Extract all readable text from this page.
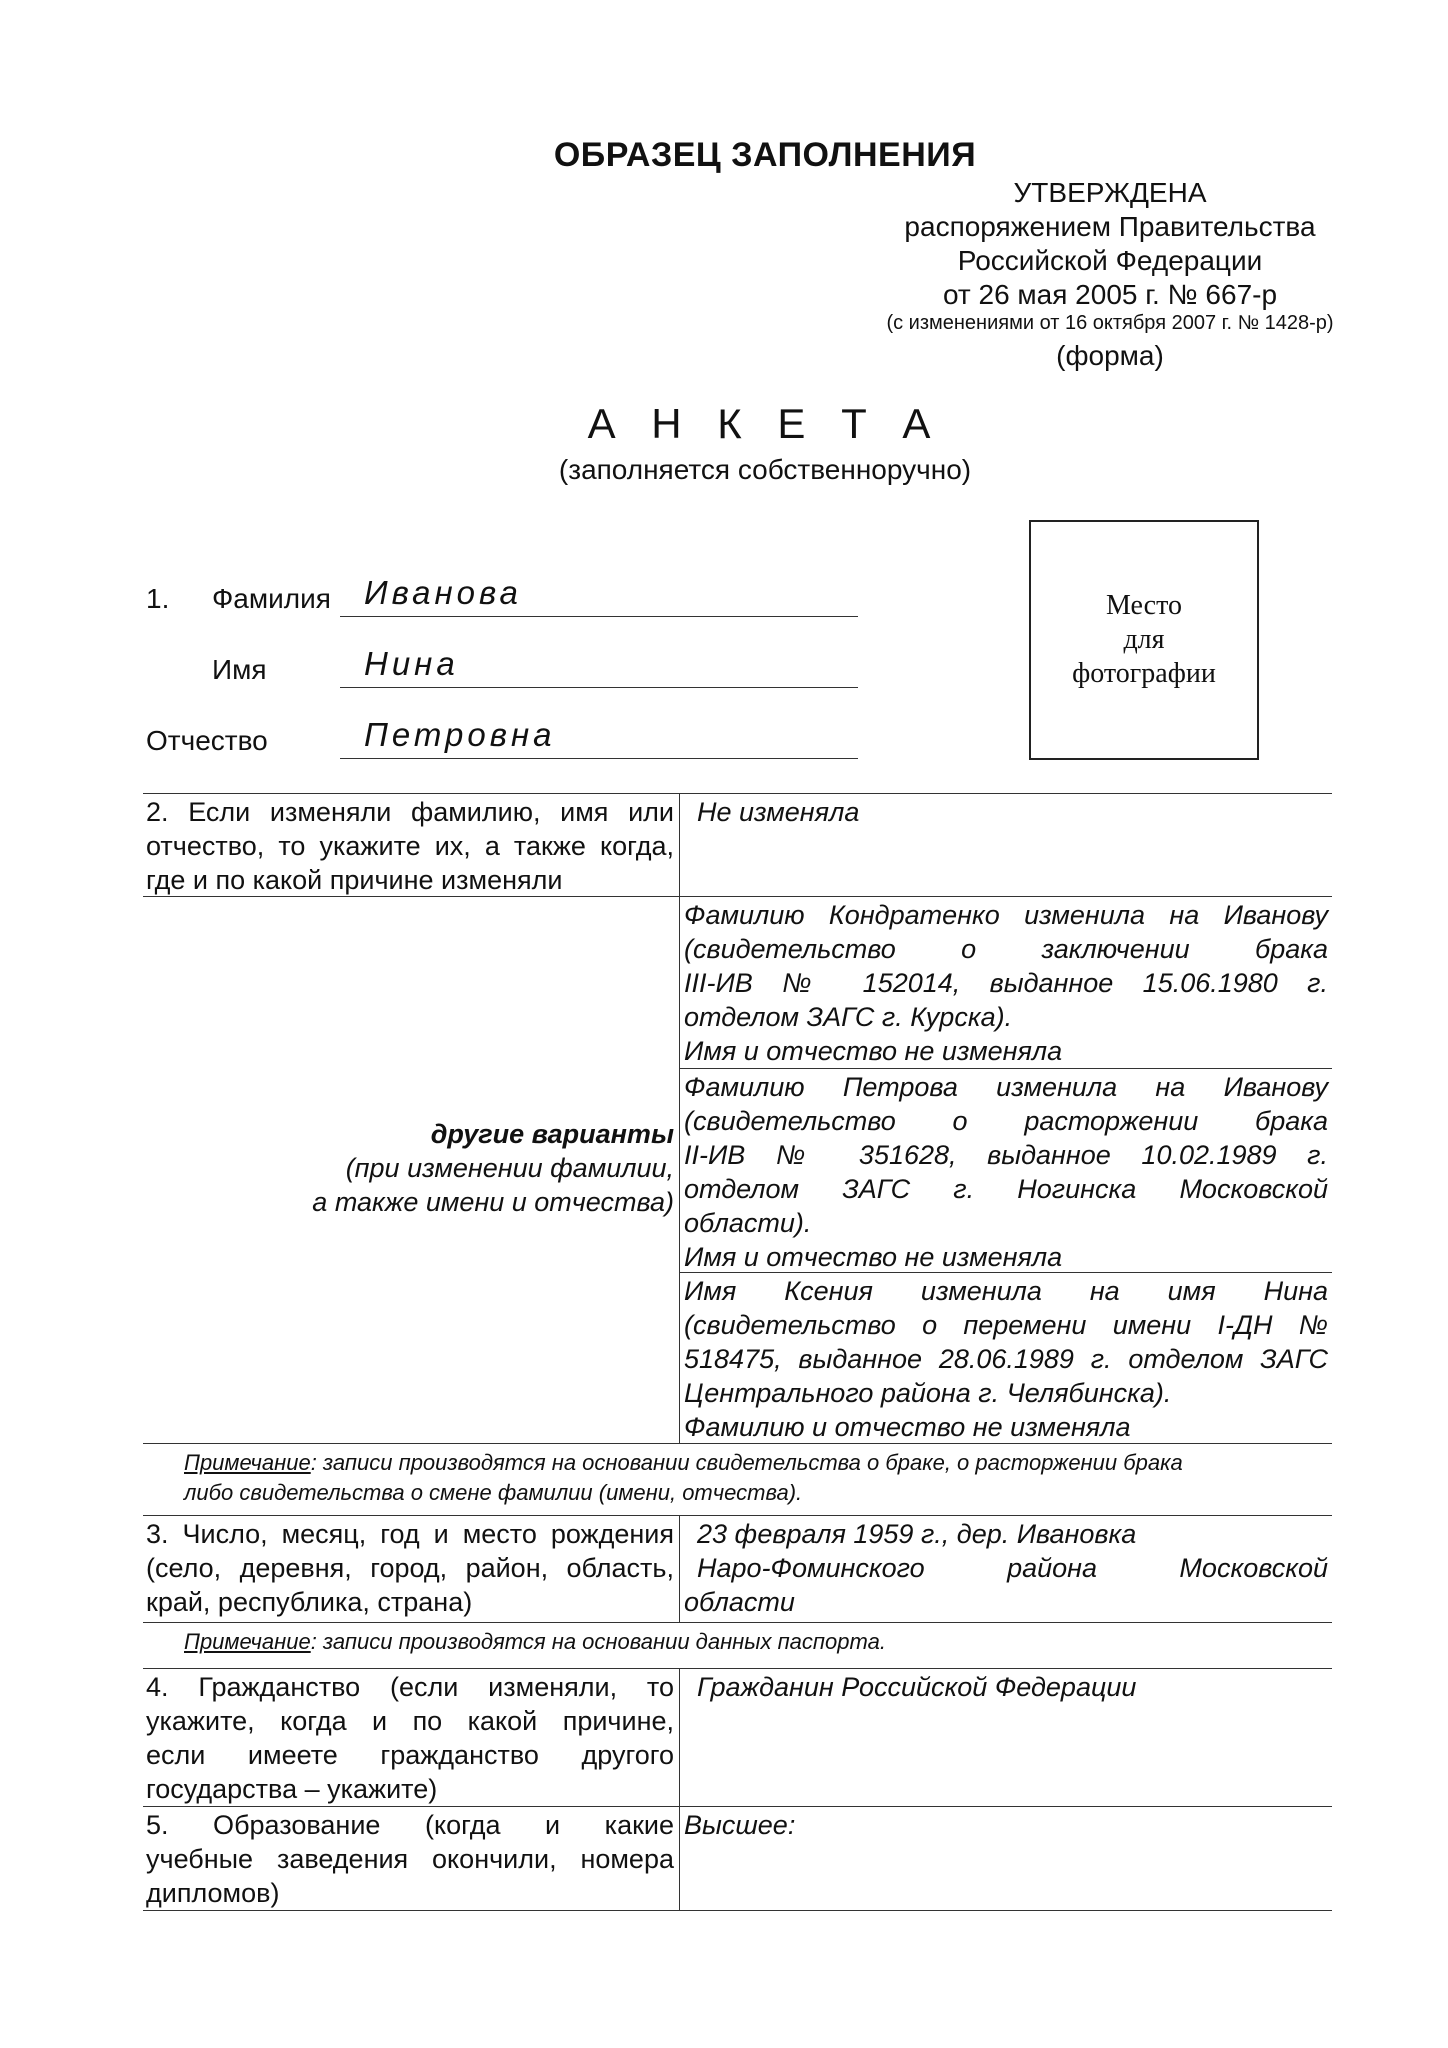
ОБРАЗЕЦ ЗАПОЛНЕНИЯ
УТВЕРЖДЕНА
распоряжением Правительства
Российской Федерации
от 26 мая 2005 г. № 667-р
(с изменениями от 16 октября 2007 г. № 1428-р)
(форма)
А Н К Е Т А
(заполняется собственноручно)
Место
для
фотографии
1. Фамилия Иванова
Имя	Нина
Отчество	Петровна
2. Если изменяли фамилию, имя или
отчество, то укажите их, а также когда,
где и по какой причине изменяли
Не изменяла
другие варианты
(при изменении фамилии,
а также имени и отчества)
Фамилию Кондратенко изменила на Иванову
(свидетельство о заключении брака
III-ИВ № 152014, выданное 15.06.1980 г.
отделом ЗАГС г. Курска).
Имя и отчество не изменяла
Фамилию Петрова изменила на Иванову
(свидетельство о расторжении брака
II-ИВ № 351628, выданное 10.02.1989 г.
отделом ЗАГС г. Ногинска Московской
области).
Имя и отчество не изменяла
Имя Ксения изменила на имя Нина
(свидетельство о перемени имени I-ДН №
518475, выданное 28.06.1989 г. отделом ЗАГС
Центрального района г. Челябинска).
Фамилию и отчество не изменяла
Примечание: записи производятся на основании свидетельства о браке, о расторжении брака
либо свидетельства о смене фамилии (имени, отчества).
3. Число, месяц, год и место рождения
(село, деревня, город, район, область,
край, республика, страна)
23 февраля 1959 г., дер. Ивановка
Наро-Фоминского района Московской
области
Примечание: записи производятся на основании данных паспорта.
4. Гражданство (если изменяли, то
укажите, когда и по какой причине,
если имеете гражданство другого
государства – укажите)
Гражданин Российской Федерации
5. Образование (когда и какие
учебные заведения окончили, номера
дипломов)
Высшее:
